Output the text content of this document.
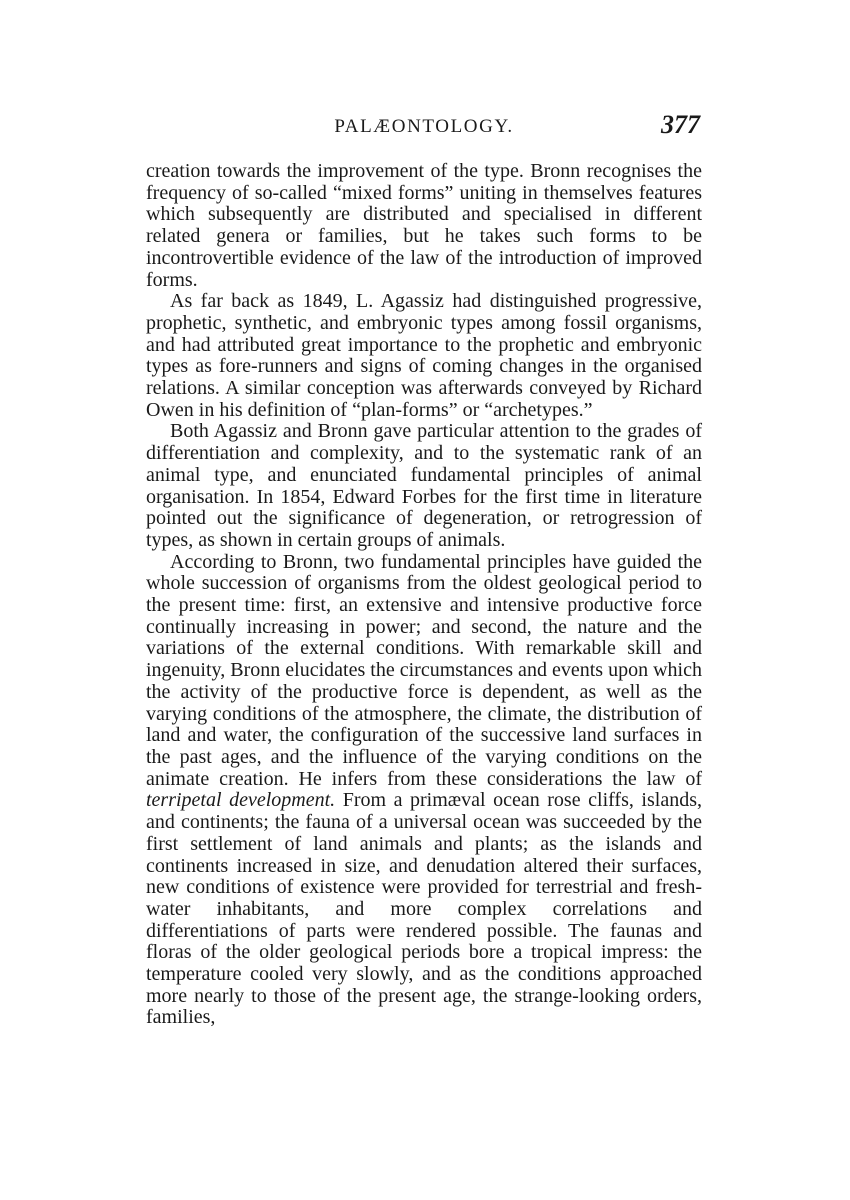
PALÆONTOLOGY.	377

creation towards the improvement of the type. Bronn recognises the frequency of so-called “mixed forms” uniting in themselves features which subsequently are distributed and specialised in different related genera or families, but he takes such forms to be incontrovertible evidence of the law of the introduction of improved forms.

As far back as 1849, L. Agassiz had distinguished progressive, prophetic, synthetic, and embryonic types among fossil organisms, and had attributed great importance to the prophetic and embryonic types as fore-runners and signs of coming changes in the organised relations. A similar conception was afterwards conveyed by Richard Owen in his definition of “plan-forms” or “archetypes.”

Both Agassiz and Bronn gave particular attention to the grades of differentiation and complexity, and to the systematic rank of an animal type, and enunciated fundamental principles of animal organisation. In 1854, Edward Forbes for the first time in literature pointed out the significance of degeneration, or retrogression of types, as shown in certain groups of animals.

According to Bronn, two fundamental principles have guided the whole succession of organisms from the oldest geological period to the present time: first, an extensive and intensive productive force continually increasing in power; and second, the nature and the variations of the external conditions. With remarkable skill and ingenuity, Bronn elucidates the circumstances and events upon which the activity of the productive force is dependent, as well as the varying conditions of the atmosphere, the climate, the distribution of land and water, the configuration of the successive land surfaces in the past ages, and the influence of the varying conditions on the animate creation. He infers from these considerations the law of terripetal development. From a primæval ocean rose cliffs, islands, and continents; the fauna of a universal ocean was succeeded by the first settlement of land animals and plants; as the islands and continents increased in size, and denudation altered their surfaces, new conditions of existence were provided for terrestrial and fresh-water inhabitants, and more complex correlations and differentiations of parts were rendered possible. The faunas and floras of the older geological periods bore a tropical impress: the temperature cooled very slowly, and as the conditions approached more nearly to those of the present age, the strange-looking orders, families,
